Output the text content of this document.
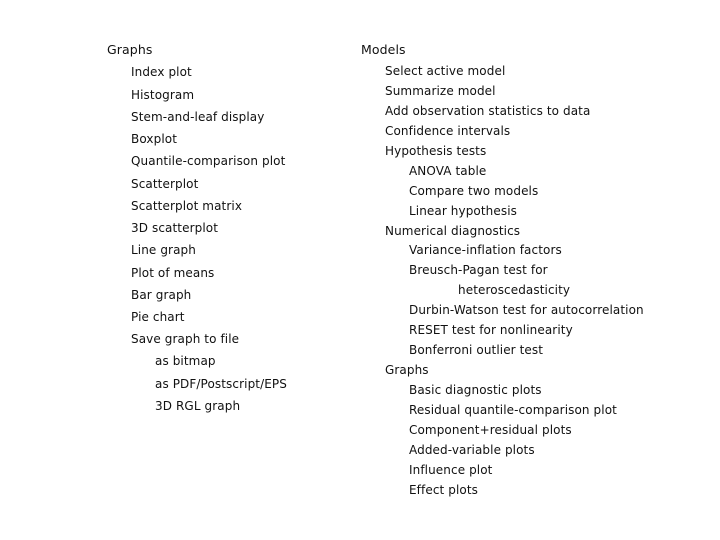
Graphs
Index plot
Histogram
Stem-and-leaf display
Boxplot
Quantile-comparison plot
Scatterplot
Scatterplot matrix
3D scatterplot
Line graph
Plot of means
Bar graph
Pie chart
Save graph to file
as bitmap
as PDF/Postscript/EPS
3D RGL graph
Models
Select active model
Summarize model
Add observation statistics to data
Confidence intervals
Hypothesis tests
ANOVA table
Compare two models
Linear hypothesis
Numerical diagnostics
Variance-inflation factors
Breusch-Pagan test for
heteroscedasticity
Durbin-Watson test for autocorrelation
RESET test for nonlinearity
Bonferroni outlier test
Graphs
Basic diagnostic plots
Residual quantile-comparison plot
Component+residual plots
Added-variable plots
Influence plot
Effect plots
